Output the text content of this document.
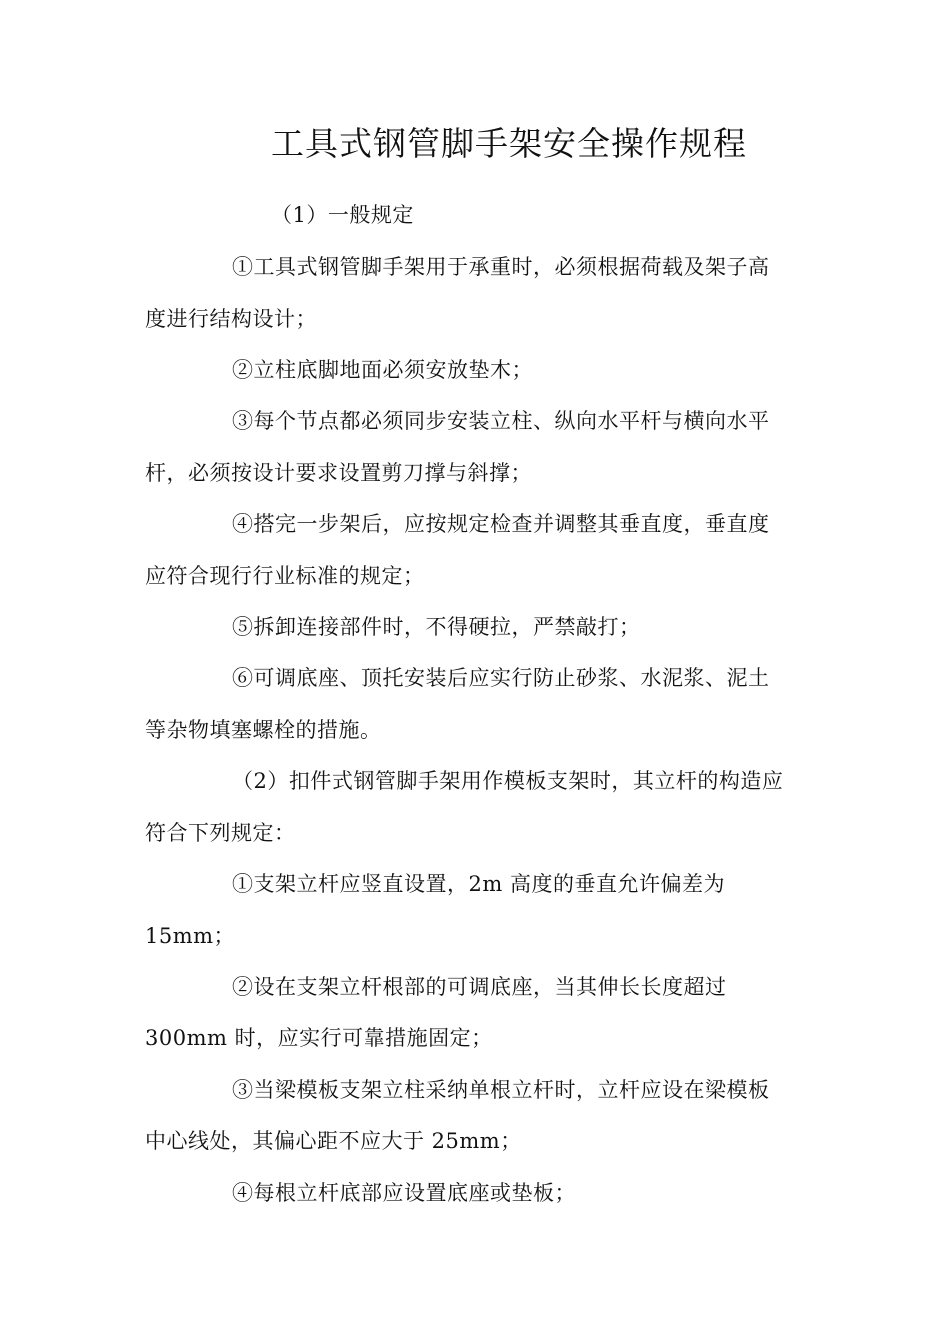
工具式钢管脚手架安全操作规程
（1）一般规定
①工具式钢管脚手架用于承重时，必须根据荷载及架子高
度进行结构设计；
②立柱底脚地面必须安放垫木；
③每个节点都必须同步安装立柱、纵向水平杆与横向水平
杆，必须按设计要求设置剪刀撑与斜撑；
④搭完一步架后，应按规定检查并调整其垂直度，垂直度
应符合现行行业标准的规定；
⑤拆卸连接部件时，不得硬拉，严禁敲打；
⑥可调底座、顶托安装后应实行防止砂浆、水泥浆、泥土
等杂物填塞螺栓的措施。
（2）扣件式钢管脚手架用作模板支架时，其立杆的构造应
符合下列规定：
①支架立杆应竖直设置，2m 高度的垂直允许偏差为
15mm；
②设在支架立杆根部的可调底座，当其伸长长度超过
300mm 时，应实行可靠措施固定；
③当梁模板支架立柱采纳单根立杆时，立杆应设在梁模板
中心线处，其偏心距不应大于 25mm；
④每根立杆底部应设置底座或垫板；
